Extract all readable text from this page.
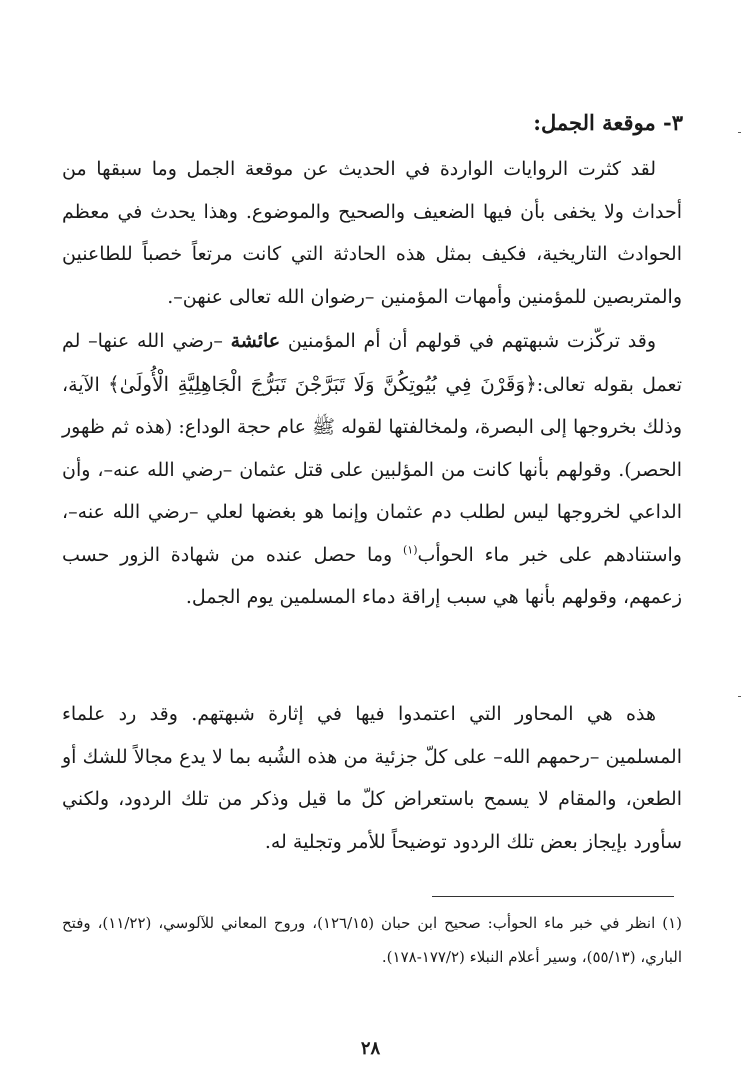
٣- موقعة الجمل:

لقد كثرت الروايات الواردة في الحديث عن موقعة الجمل وما سبقها من أحداث ولا يخفى بأن فيها الضعيف والصحيح والموضوع. وهذا يحدث في معظم الحوادث التاريخية، فكيف بمثل هذه الحادثة التي كانت مرتعاً خصباً للطاعنين والمتربصين للمؤمنين وأمهات المؤمنين –رضوان الله تعالى عنهن–.

وقد تركّزت شبهتهم في قولهم أن أم المؤمنين عائشة –رضي الله عنها– لم تعمل بقوله تعالى:﴿وَقَرْنَ فِي بُيُوتِكُنَّ وَلَا تَبَرَّجْنَ تَبَرُّجَ الْجَاهِلِيَّةِ الْأُولَىٰ﴾ الآية، وذلك بخروجها إلى البصرة، ولمخالفتها لقوله ﷺ عام حجة الوداع: (هذه ثم ظهور الحصر). وقولهم بأنها كانت من المؤلبين على قتل عثمان –رضي الله عنه–، وأن الداعي لخروجها ليس لطلب دم عثمان وإنما هو بغضها لعلي –رضي الله عنه–، واستنادهم على خبر ماء الحوأب$^{(١)}$ وما حصل عنده من شهادة الزور حسب زعمهم، وقولهم بأنها هي سبب إراقة دماء المسلمين يوم الجمل.

هذه هي المحاور التي اعتمدوا فيها في إثارة شبهتهم. وقد رد علماء المسلمين –رحمهم الله– على كلّ جزئية من هذه الشُبه بما لا يدع مجالاً للشك أو الطعن، والمقام لا يسمح باستعراض كلّ ما قيل وذكر من تلك الردود، ولكني سأورد بإيجاز بعض تلك الردود توضيحاً للأمر وتجلية له.

(١) انظر في خبر ماء الحوأب: صحيح ابن حبان (١٢٦/١٥)، وروح المعاني للآلوسي، (١١/٢٢)، وفتح الباري، (٥٥/١٣)، وسير أعلام النبلاء (١٧٧/٢-١٧٨).

٢٨
